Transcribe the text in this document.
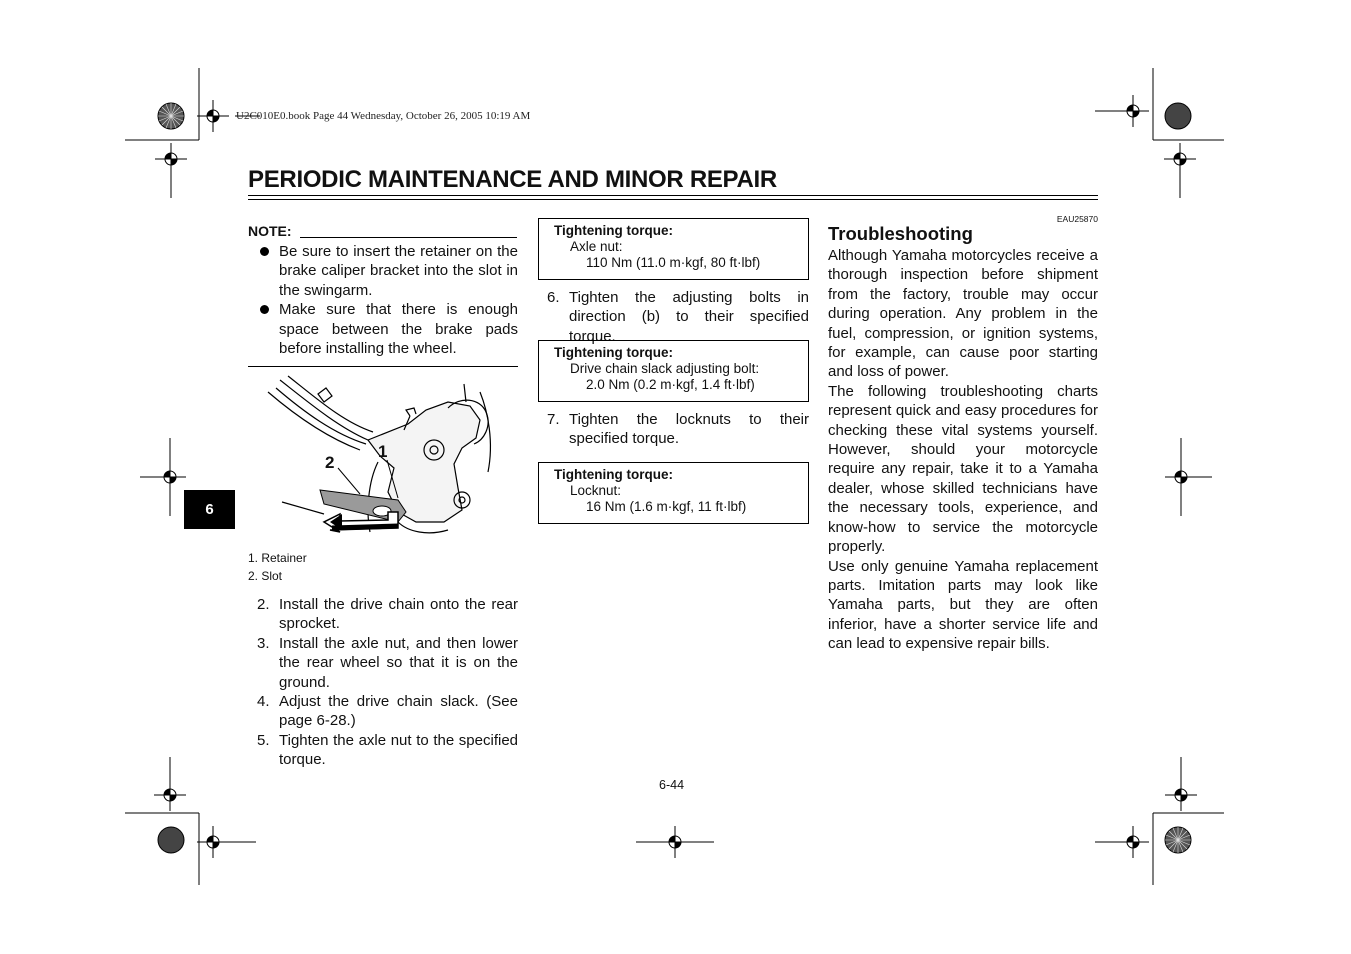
U2C010E0.book Page 44 Wednesday, October 26, 2005 10:19 AM
PERIODIC MAINTENANCE AND MINOR REPAIR
6
NOTE:
Be sure to insert the retainer on the brake caliper bracket into the slot in the swingarm.
Make sure that there is enough space between the brake pads before installing the wheel.
1
2
1. Retainer
2. Slot
2. Install the drive chain onto the rear sprocket.
3. Install the axle nut, and then lower the rear wheel so that it is on the ground.
4. Adjust the drive chain slack. (See page 6-28.)
5. Tighten the axle nut to the specified torque.
Tightening torque:
Axle nut:
110 Nm (11.0 m·kgf, 80 ft·lbf)
6. Tighten the adjusting bolts in direction (b) to their specified torque.
Tightening torque:
Drive chain slack adjusting bolt:
2.0 Nm (0.2 m·kgf, 1.4 ft·lbf)
7. Tighten the locknuts to their specified torque.
Tightening torque:
Locknut:
16 Nm (1.6 m·kgf, 11 ft·lbf)
EAU25870
Troubleshooting
Although Yamaha motorcycles receive a thorough inspection before shipment from the factory, trouble may occur during operation. Any problem in the fuel, compression, or ignition systems, for example, can cause poor starting and loss of power.
The following troubleshooting charts represent quick and easy procedures for checking these vital systems yourself. However, should your motorcycle require any repair, take it to a Yamaha dealer, whose skilled technicians have the necessary tools, experience, and know-how to service the motorcycle properly.
Use only genuine Yamaha replacement parts. Imitation parts may look like Yamaha parts, but they are often inferior, have a shorter service life and can lead to expensive repair bills.
6-44
